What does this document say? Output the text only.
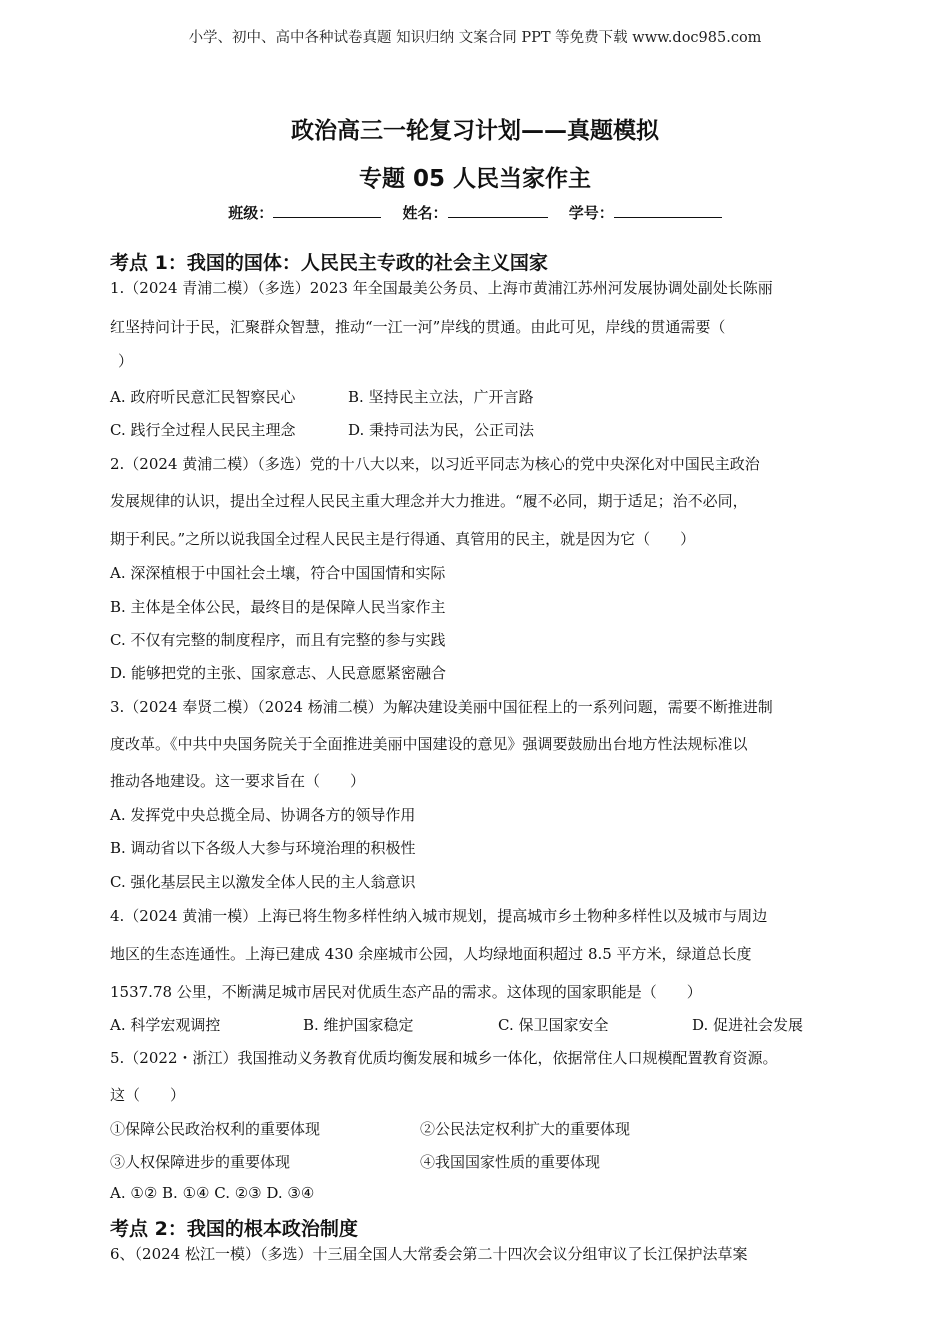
小学、初中、高中各种试卷真题 知识归纳 文案合同 PPT 等免费下载 www.doc985.com
政治高三一轮复习计划——真题模拟
专题 05 人民当家作主
班级：	姓名：	学号：
考点 1：我国的国体：人民民主专政的社会主义国家
1.（2024 青浦二模）（多选）2023 年全国最美公务员、上海市黄浦江苏州河发展协调处副处长陈丽
红坚持问计于民，汇聚群众智慧，推动“一江一河”岸线的贯通。由此可见，岸线的贯通需要（
）
A. 政府听民意汇民智察民心	B. 坚持民主立法，广开言路
C. 践行全过程人民民主理念	D. 秉持司法为民，公正司法
2.（2024 黄浦二模）（多选）党的十八大以来，以习近平同志为核心的党中央深化对中国民主政治
发展规律的认识，提出全过程人民民主重大理念并大力推进。“履不必同，期于适足；治不必同，
期于利民。”之所以说我国全过程人民民主是行得通、真管用的民主，就是因为它（　　）
A. 深深植根于中国社会土壤，符合中国国情和实际
B. 主体是全体公民，最终目的是保障人民当家作主
C. 不仅有完整的制度程序，而且有完整的参与实践
D. 能够把党的主张、国家意志、人民意愿紧密融合
3.（2024 奉贤二模）（2024 杨浦二模）为解决建设美丽中国征程上的一系列问题，需要不断推进制
度改革。《中共中央国务院关于全面推进美丽中国建设的意见》强调要鼓励出台地方性法规标准以
推动各地建设。这一要求旨在（　　）
A. 发挥党中央总揽全局、协调各方的领导作用
B. 调动省以下各级人大参与环境治理的积极性
C. 强化基层民主以激发全体人民的主人翁意识
4.（2024 黄浦一模）上海已将生物多样性纳入城市规划，提高城市乡土物种多样性以及城市与周边
地区的生态连通性。上海已建成 430 余座城市公园，人均绿地面积超过 8.5 平方米，绿道总长度
1537.78 公里，不断满足城市居民对优质生态产品的需求。这体现的国家职能是（　　）
A. 科学宏观调控	B. 维护国家稳定	C. 保卫国家安全	D. 促进社会发展
5.（2022・浙江）我国推动义务教育优质均衡发展和城乡一体化，依据常住人口规模配置教育资源。
这（　　）
①保障公民政治权利的重要体现	②公民法定权利扩大的重要体现
③人权保障进步的重要体现	④我国国家性质的重要体现
A. ①② B. ①④ C. ②③ D. ③④
考点 2：我国的根本政治制度
6、（2024 松江一模）（多选）十三届全国人大常委会第二十四次会议分组审议了长江保护法草案
